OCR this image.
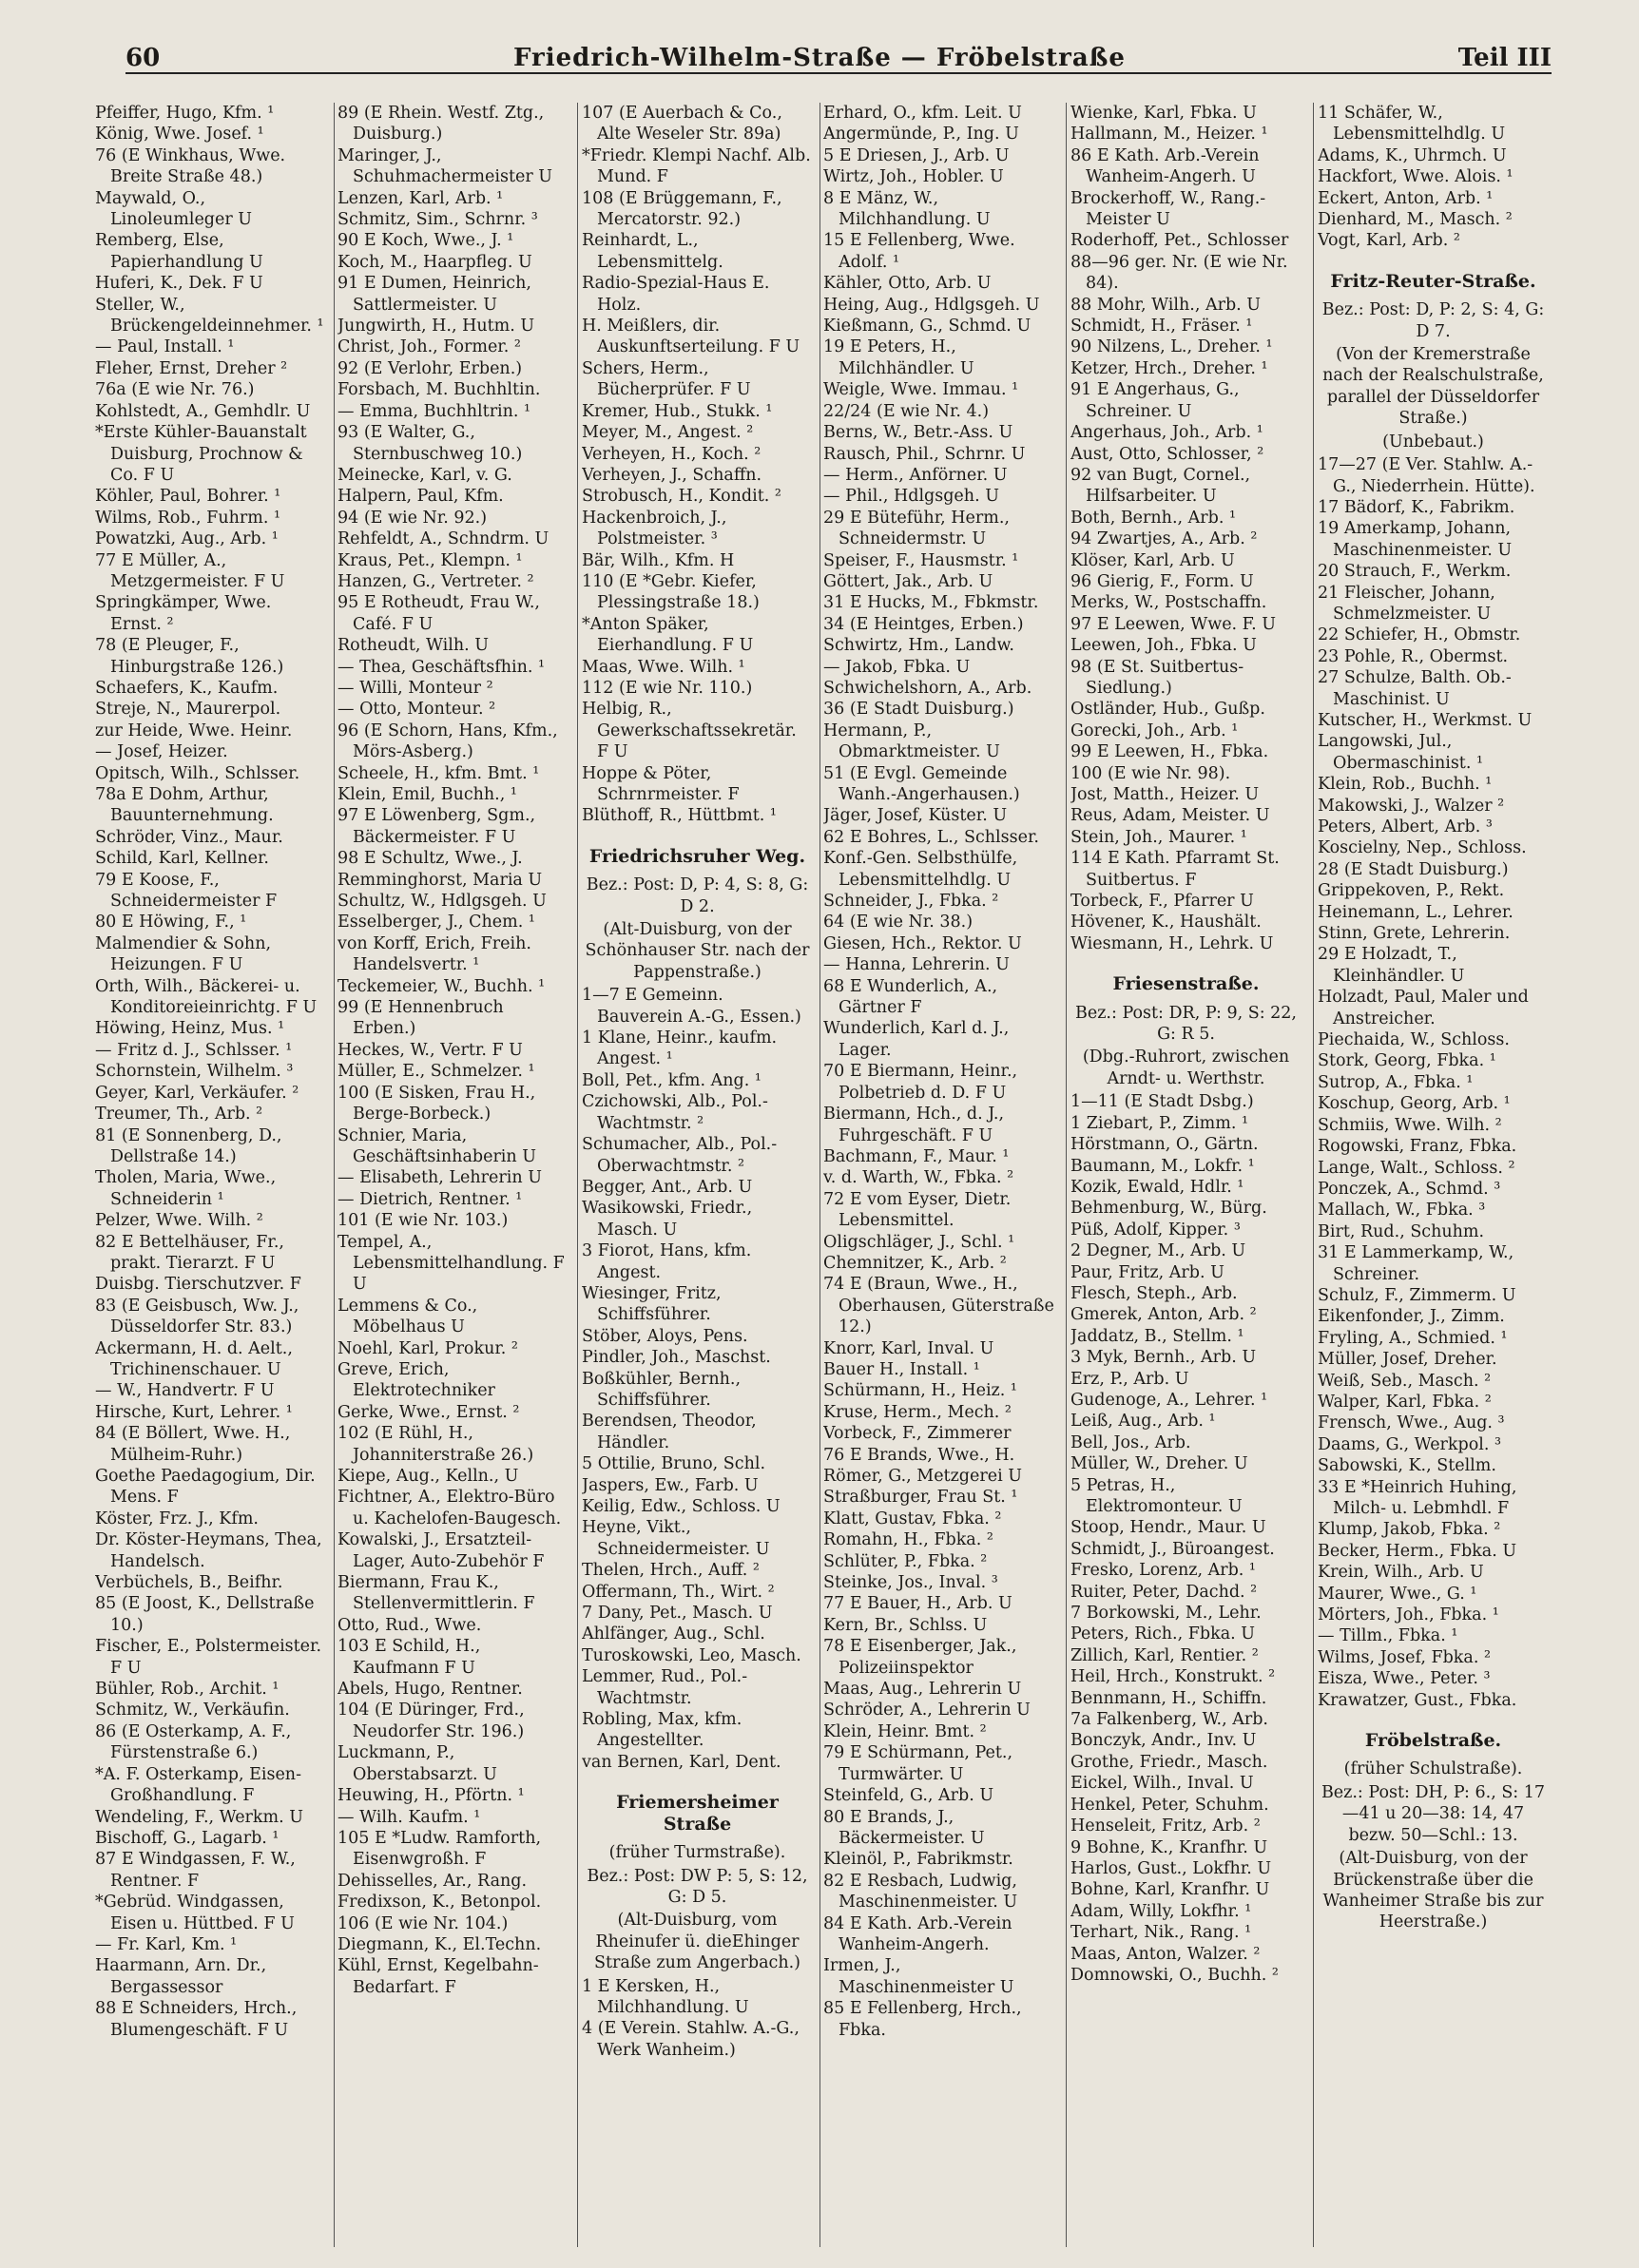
60	Friedrich-Wilhelm-Straße — Fröbelstraße	Teil III

Pfeiffer, Hugo, Kfm. ¹

König, Wwe. Josef. ¹

76 (E Winkhaus, Wwe. Breite Straße 48.)

Maywald, O., Linoleumleger U

Remberg, Else, Papierhandlung U

Huferi, K., Dek. F U

Steller, W., Brückengeldeinnehmer. ¹

— Paul, Install. ¹

Fleher, Ernst, Dreher ²

76a (E wie Nr. 76.)

Kohlstedt, A., Gemhdlr. U

*Erste Kühler-Bauanstalt Duisburg, Prochnow & Co. F U

Köhler, Paul, Bohrer. ¹

Wilms, Rob., Fuhrm. ¹

Powatzki, Aug., Arb. ¹

77 E Müller, A., Metzgermeister. F U

Springkämper, Wwe. Ernst. ²

78 (E Pleuger, F., Hinburgstraße 126.)

Schaefers, K., Kaufm.

Streje, N., Maurerpol.

zur Heide, Wwe. Heinr.

— Josef, Heizer.

Opitsch, Wilh., Schlsser.

78a E Dohm, Arthur, Bauunternehmung.

Schröder, Vinz., Maur.

Schild, Karl, Kellner.

79 E Koose, F., Schneidermeister F

80 E Höwing, F., ¹

Malmendier & Sohn, Heizungen. F U

Orth, Wilh., Bäckerei- u. Konditoreieinrichtg. F U

Höwing, Heinz, Mus. ¹

— Fritz d. J., Schlsser. ¹

Schornstein, Wilhelm. ³

Geyer, Karl, Verkäufer. ²

Treumer, Th., Arb. ²

81 (E Sonnenberg, D., Dellstraße 14.)

Tholen, Maria, Wwe., Schneiderin ¹

Pelzer, Wwe. Wilh. ²

82 E Bettelhäuser, Fr., prakt. Tierarzt. F U

Duisbg. Tierschutzver. F

83 (E Geisbusch, Ww. J., Düsseldorfer Str. 83.)

Ackermann, H. d. Aelt., Trichinenschauer. U

— W., Handvertr. F U

Hirsche, Kurt, Lehrer. ¹

84 (E Böllert, Wwe. H., Mülheim-Ruhr.)

Goethe Paedagogium, Dir. Mens. F

Köster, Frz. J., Kfm.

Dr. Köster-Heymans, Thea, Handelsch.

Verbüchels, B., Beifhr.

85 (E Joost, K., Dellstraße 10.)

Fischer, E., Polstermeister. F U

Bühler, Rob., Archit. ¹

Schmitz, W., Verkäufin.

86 (E Osterkamp, A. F., Fürstenstraße 6.)

*A. F. Osterkamp, Eisen-Großhandlung. F

Wendeling, F., Werkm. U

Bischoff, G., Lagarb. ¹

87 E Windgassen, F. W., Rentner. F

*Gebrüd. Windgassen, Eisen u. Hüttbed. F U

— Fr. Karl, Km. ¹

Haarmann, Arn. Dr., Bergassessor

88 E Schneiders, Hrch., Blumengeschäft. F U

89 (E Rhein. Westf. Ztg., Duisburg.)

Maringer, J., Schuhmachermeister U

Lenzen, Karl, Arb. ¹

Schmitz, Sim., Schrnr. ³

90 E Koch, Wwe., J. ¹

Koch, M., Haarpfleg. U

91 E Dumen, Heinrich, Sattlermeister. U

Jungwirth, H., Hutm. U

Christ, Joh., Former. ²

92 (E Verlohr, Erben.)

Forsbach, M. Buchhltin.

— Emma, Buchhltrin. ¹

93 (E Walter, G., Sternbuschweg 10.)

Meinecke, Karl, v. G.

Halpern, Paul, Kfm.

94 (E wie Nr. 92.)

Rehfeldt, A., Schndrm. U

Kraus, Pet., Klempn. ¹

Hanzen, G., Vertreter. ²

95 E Rotheudt, Frau W., Café. F U

Rotheudt, Wilh. U

— Thea, Geschäftsfhin. ¹

— Willi, Monteur ²

— Otto, Monteur. ²

96 (E Schorn, Hans, Kfm., Mörs-Asberg.)

Scheele, H., kfm. Bmt. ¹

Klein, Emil, Buchh., ¹

97 E Löwenberg, Sgm., Bäckermeister. F U

98 E Schultz, Wwe., J.

Remminghorst, Maria U

Schultz, W., Hdlgsgeh. U

Esselberger, J., Chem. ¹

von Korff, Erich, Freih. Handelsvertr. ¹

Teckemeier, W., Buchh. ¹

99 (E Hennenbruch Erben.)

Heckes, W., Vertr. F U

Müller, E., Schmelzer. ¹

100 (E Sisken, Frau H., Berge-Borbeck.)

Schnier, Maria, Geschäftsinhaberin U

— Elisabeth, Lehrerin U

— Dietrich, Rentner. ¹

101 (E wie Nr. 103.)

Tempel, A., Lebensmittelhandlung. F U

Lemmens & Co., Möbelhaus U

Noehl, Karl, Prokur. ²

Greve, Erich, Elektrotechniker

Gerke, Wwe., Ernst. ²

102 (E Rühl, H., Johanniterstraße 26.)

Kiepe, Aug., Kelln., U

Fichtner, A., Elektro-Büro u. Kachelofen-Baugesch.

Kowalski, J., Ersatzteil-Lager, Auto-Zubehör F

Biermann, Frau K., Stellenvermittlerin. F

Otto, Rud., Wwe.

103 E Schild, H., Kaufmann F U

Abels, Hugo, Rentner.

104 (E Düringer, Frd., Neudorfer Str. 196.)

Luckmann, P., Oberstabsarzt. U

Heuwing, H., Pförtn. ¹

— Wilh. Kaufm. ¹

105 E *Ludw. Ramforth, Eisenwgroßh. F

Dehisselles, Ar., Rang.

Fredixson, K., Betonpol.

106 (E wie Nr. 104.)

Diegmann, K., El.Techn.

Kühl, Ernst, Kegelbahn-Bedarfart. F

107 (E Auerbach & Co., Alte Weseler Str. 89a)

*Friedr. Klempi Nachf. Alb. Mund. F

108 (E Brüggemann, F., Mercatorstr. 92.)

Reinhardt, L., Lebensmittelg.

Radio-Spezial-Haus E. Holz.

H. Meißlers, dir. Auskunftserteilung. F U

Schers, Herm., Bücherprüfer. F U

Kremer, Hub., Stukk. ¹

Meyer, M., Angest. ²

Verheyen, H., Koch. ²

Verheyen, J., Schaffn.

Strobusch, H., Kondit. ²

Hackenbroich, J., Polstmeister. ³

Bär, Wilh., Kfm. H

110 (E *Gebr. Kiefer, Plessingstraße 18.)

*Anton Späker, Eierhandlung. F U

Maas, Wwe. Wilh. ¹

112 (E wie Nr. 110.)

Helbig, R., Gewerkschaftssekretär. F U

Hoppe & Pöter, Schrnrmeister. F

Blüthoff, R., Hüttbmt. ¹

Friedrichsruher Weg.

Bez.: Post: D, P: 4, S: 8, G: D 2.

(Alt-Duisburg, von der Schönhauser Str. nach der Pappenstraße.)

1—7 E Gemeinn. Bauverein A.-G., Essen.)

1 Klane, Heinr., kaufm. Angest. ¹

Boll, Pet., kfm. Ang. ¹

Czichowski, Alb., Pol.-Wachtmstr. ²

Schumacher, Alb., Pol.-Oberwachtmstr. ²

Begger, Ant., Arb. U

Wasikowski, Friedr., Masch. U

3 Fiorot, Hans, kfm. Angest.

Wiesinger, Fritz, Schiffsführer.

Stöber, Aloys, Pens.

Pindler, Joh., Maschst.

Boßkühler, Bernh., Schiffsführer.

Berendsen, Theodor, Händler.

5 Ottilie, Bruno, Schl.

Jaspers, Ew., Farb. U

Keilig, Edw., Schloss. U

Heyne, Vikt., Schneidermeister. U

Thelen, Hrch., Auff. ²

Offermann, Th., Wirt. ²

7 Dany, Pet., Masch. U

Ahlfänger, Aug., Schl.

Turoskowski, Leo, Masch.

Lemmer, Rud., Pol.-Wachtmstr.

Robling, Max, kfm. Angestellter.

van Bernen, Karl, Dent.

Friemersheimer Straße

(früher Turmstraße).

Bez.: Post: DW P: 5, S: 12, G: D 5.

(Alt-Duisburg, vom Rheinufer ü. dieEhinger Straße zum Angerbach.)

1 E Kersken, H., Milchhandlung. U

4 (E Verein. Stahlw. A.-G., Werk Wanheim.)

Erhard, O., kfm. Leit. U

Angermünde, P., Ing. U

5 E Driesen, J., Arb. U

Wirtz, Joh., Hobler. U

8 E Mänz, W., Milchhandlung. U

15 E Fellenberg, Wwe. Adolf. ¹

Kähler, Otto, Arb. U

Heing, Aug., Hdlgsgeh. U

Kießmann, G., Schmd. U

19 E Peters, H., Milchhändler. U

Weigle, Wwe. Immau. ¹

22/24 (E wie Nr. 4.)

Berns, W., Betr.-Ass. U

Rausch, Phil., Schrnr. U

— Herm., Anförner. U

— Phil., Hdlgsgeh. U

29 E Büteführ, Herm., Schneidermstr. U

Speiser, F., Hausmstr. ¹

Göttert, Jak., Arb. U

31 E Hucks, M., Fbkmstr.

34 (E Heintges, Erben.)

Schwirtz, Hm., Landw.

— Jakob, Fbka. U

Schwichelshorn, A., Arb.

36 (E Stadt Duisburg.)

Hermann, P., Obmarktmeister. U

51 (E Evgl. Gemeinde Wanh.-Angerhausen.)

Jäger, Josef, Küster. U

62 E Bohres, L., Schlsser.

Konf.-Gen. Selbsthülfe, Lebensmittelhdlg. U

Schneider, J., Fbka. ²

64 (E wie Nr. 38.)

Giesen, Hch., Rektor. U

— Hanna, Lehrerin. U

68 E Wunderlich, A., Gärtner F

Wunderlich, Karl d. J., Lager.

70 E Biermann, Heinr., Polbetrieb d. D. F U

Biermann, Hch., d. J., Fuhrgeschäft. F U

Bachmann, F., Maur. ¹

v. d. Warth, W., Fbka. ²

72 E vom Eyser, Dietr. Lebensmittel.

Oligschläger, J., Schl. ¹

Chemnitzer, K., Arb. ²

74 E (Braun, Wwe., H., Oberhausen, Güterstraße 12.)

Knorr, Karl, Inval. U

Bauer H., Install. ¹

Schürmann, H., Heiz. ¹

Kruse, Herm., Mech. ²

Vorbeck, F., Zimmerer

76 E Brands, Wwe., H.

Römer, G., Metzgerei U

Straßburger, Frau St. ¹

Klatt, Gustav, Fbka. ²

Romahn, H., Fbka. ²

Schlüter, P., Fbka. ²

Steinke, Jos., Inval. ³

77 E Bauer, H., Arb. U

Kern, Br., Schlss. U

78 E Eisenberger, Jak., Polizeiinspektor

Maas, Aug., Lehrerin U

Schröder, A., Lehrerin U

Klein, Heinr. Bmt. ²

79 E Schürmann, Pet., Turmwärter. U

Steinfeld, G., Arb. U

80 E Brands, J., Bäckermeister. U

Kleinöl, P., Fabrikmstr.

82 E Resbach, Ludwig, Maschinenmeister. U

84 E Kath. Arb.-Verein Wanheim-Angerh.

Irmen, J., Maschinenmeister U

85 E Fellenberg, Hrch., Fbka.

Wienke, Karl, Fbka. U

Hallmann, M., Heizer. ¹

86 E Kath. Arb.-Verein Wanheim-Angerh. U

Brockerhoff, W., Rang.-Meister U

Roderhoff, Pet., Schlosser

88—96 ger. Nr. (E wie Nr. 84).

88 Mohr, Wilh., Arb. U

Schmidt, H., Fräser. ¹

90 Nilzens, L., Dreher. ¹

Ketzer, Hrch., Dreher. ¹

91 E Angerhaus, G., Schreiner. U

Angerhaus, Joh., Arb. ¹

Aust, Otto, Schlosser, ²

92 van Bugt, Cornel., Hilfsarbeiter. U

Both, Bernh., Arb. ¹

94 Zwartjes, A., Arb. ²

Klöser, Karl, Arb. U

96 Gierig, F., Form. U

Merks, W., Postschaffn.

97 E Leewen, Wwe. F. U

Leewen, Joh., Fbka. U

98 (E St. Suitbertus-Siedlung.)

Ostländer, Hub., Gußp.

Gorecki, Joh., Arb. ¹

99 E Leewen, H., Fbka.

100 (E wie Nr. 98).

Jost, Matth., Heizer. U

Reus, Adam, Meister. U

Stein, Joh., Maurer. ¹

114 E Kath. Pfarramt St. Suitbertus. F

Torbeck, F., Pfarrer U

Hövener, K., Haushält.

Wiesmann, H., Lehrk. U

Friesenstraße.

Bez.: Post: DR, P: 9, S: 22, G: R 5.

(Dbg.-Ruhrort, zwischen Arndt- u. Werthstr.

1—11 (E Stadt Dsbg.)

1 Ziebart, P., Zimm. ¹

Hörstmann, O., Gärtn.

Baumann, M., Lokfr. ¹

Kozik, Ewald, Hdlr. ¹

Behmenburg, W., Bürg.

Püß, Adolf, Kipper. ³

2 Degner, M., Arb. U

Paur, Fritz, Arb. U

Flesch, Steph., Arb.

Gmerek, Anton, Arb. ²

Jaddatz, B., Stellm. ¹

3 Myk, Bernh., Arb. U

Erz, P., Arb. U

Gudenoge, A., Lehrer. ¹

Leiß, Aug., Arb. ¹

Bell, Jos., Arb.

Müller, W., Dreher. U

5 Petras, H., Elektromonteur. U

Stoop, Hendr., Maur. U

Schmidt, J., Büroangest.

Fresko, Lorenz, Arb. ¹

Ruiter, Peter, Dachd. ²

7 Borkowski, M., Lehr.

Peters, Rich., Fbka. U

Zillich, Karl, Rentier. ²

Heil, Hrch., Konstrukt. ²

Bennmann, H., Schiffn.

7a Falkenberg, W., Arb.

Bonczyk, Andr., Inv. U

Grothe, Friedr., Masch.

Eickel, Wilh., Inval. U

Henkel, Peter, Schuhm.

Henseleit, Fritz, Arb. ²

9 Bohne, K., Kranfhr. U

Harlos, Gust., Lokfhr. U

Bohne, Karl, Kranfhr. U

Adam, Willy, Lokfhr. ¹

Terhart, Nik., Rang. ¹

Maas, Anton, Walzer. ²

Domnowski, O., Buchh. ²

11 Schäfer, W., Lebensmittelhdlg. U

Adams, K., Uhrmch. U

Hackfort, Wwe. Alois. ¹

Eckert, Anton, Arb. ¹

Dienhard, M., Masch. ²

Vogt, Karl, Arb. ²

Fritz-Reuter-Straße.

Bez.: Post: D, P: 2, S: 4, G: D 7.

(Von der Kremerstraße nach der Realschulstraße, parallel der Düsseldorfer Straße.)

(Unbebaut.)

17—27 (E Ver. Stahlw. A.-G., Niederrhein. Hütte).

17 Bädorf, K., Fabrikm.

19 Amerkamp, Johann, Maschinenmeister. U

20 Strauch, F., Werkm.

21 Fleischer, Johann, Schmelzmeister. U

22 Schiefer, H., Obmstr.

23 Pohle, R., Obermst.

27 Schulze, Balth. Ob.-Maschinist. U

Kutscher, H., Werkmst. U

Langowski, Jul., Obermaschinist. ¹

Klein, Rob., Buchh. ¹

Makowski, J., Walzer ²

Peters, Albert, Arb. ³

Koscielny, Nep., Schloss.

28 (E Stadt Duisburg.)

Grippekoven, P., Rekt.

Heinemann, L., Lehrer.

Stinn, Grete, Lehrerin.

29 E Holzadt, T., Kleinhändler. U

Holzadt, Paul, Maler und Anstreicher.

Piechaida, W., Schloss.

Stork, Georg, Fbka. ¹

Sutrop, A., Fbka. ¹

Koschup, Georg, Arb. ¹

Schmiis, Wwe. Wilh. ²

Rogowski, Franz, Fbka.

Lange, Walt., Schloss. ²

Ponczek, A., Schmd. ³

Mallach, W., Fbka. ³

Birt, Rud., Schuhm.

31 E Lammerkamp, W., Schreiner.

Schulz, F., Zimmerm. U

Eikenfonder, J., Zimm.

Fryling, A., Schmied. ¹

Müller, Josef, Dreher.

Weiß, Seb., Masch. ²

Walper, Karl, Fbka. ²

Frensch, Wwe., Aug. ³

Daams, G., Werkpol. ³

Sabowski, K., Stellm.

33 E *Heinrich Huhing, Milch- u. Lebmhdl. F

Klump, Jakob, Fbka. ²

Becker, Herm., Fbka. U

Krein, Wilh., Arb. U

Maurer, Wwe., G. ¹

Mörters, Joh., Fbka. ¹

— Tillm., Fbka. ¹

Wilms, Josef, Fbka. ²

Eisza, Wwe., Peter. ³

Krawatzer, Gust., Fbka.

Fröbelstraße.

(früher Schulstraße).

Bez.: Post: DH, P: 6., S: 17—41 u 20—38: 14, 47 bezw. 50—Schl.: 13.

(Alt-Duisburg, von der Brückenstraße über die Wanheimer Straße bis zur Heerstraße.)
